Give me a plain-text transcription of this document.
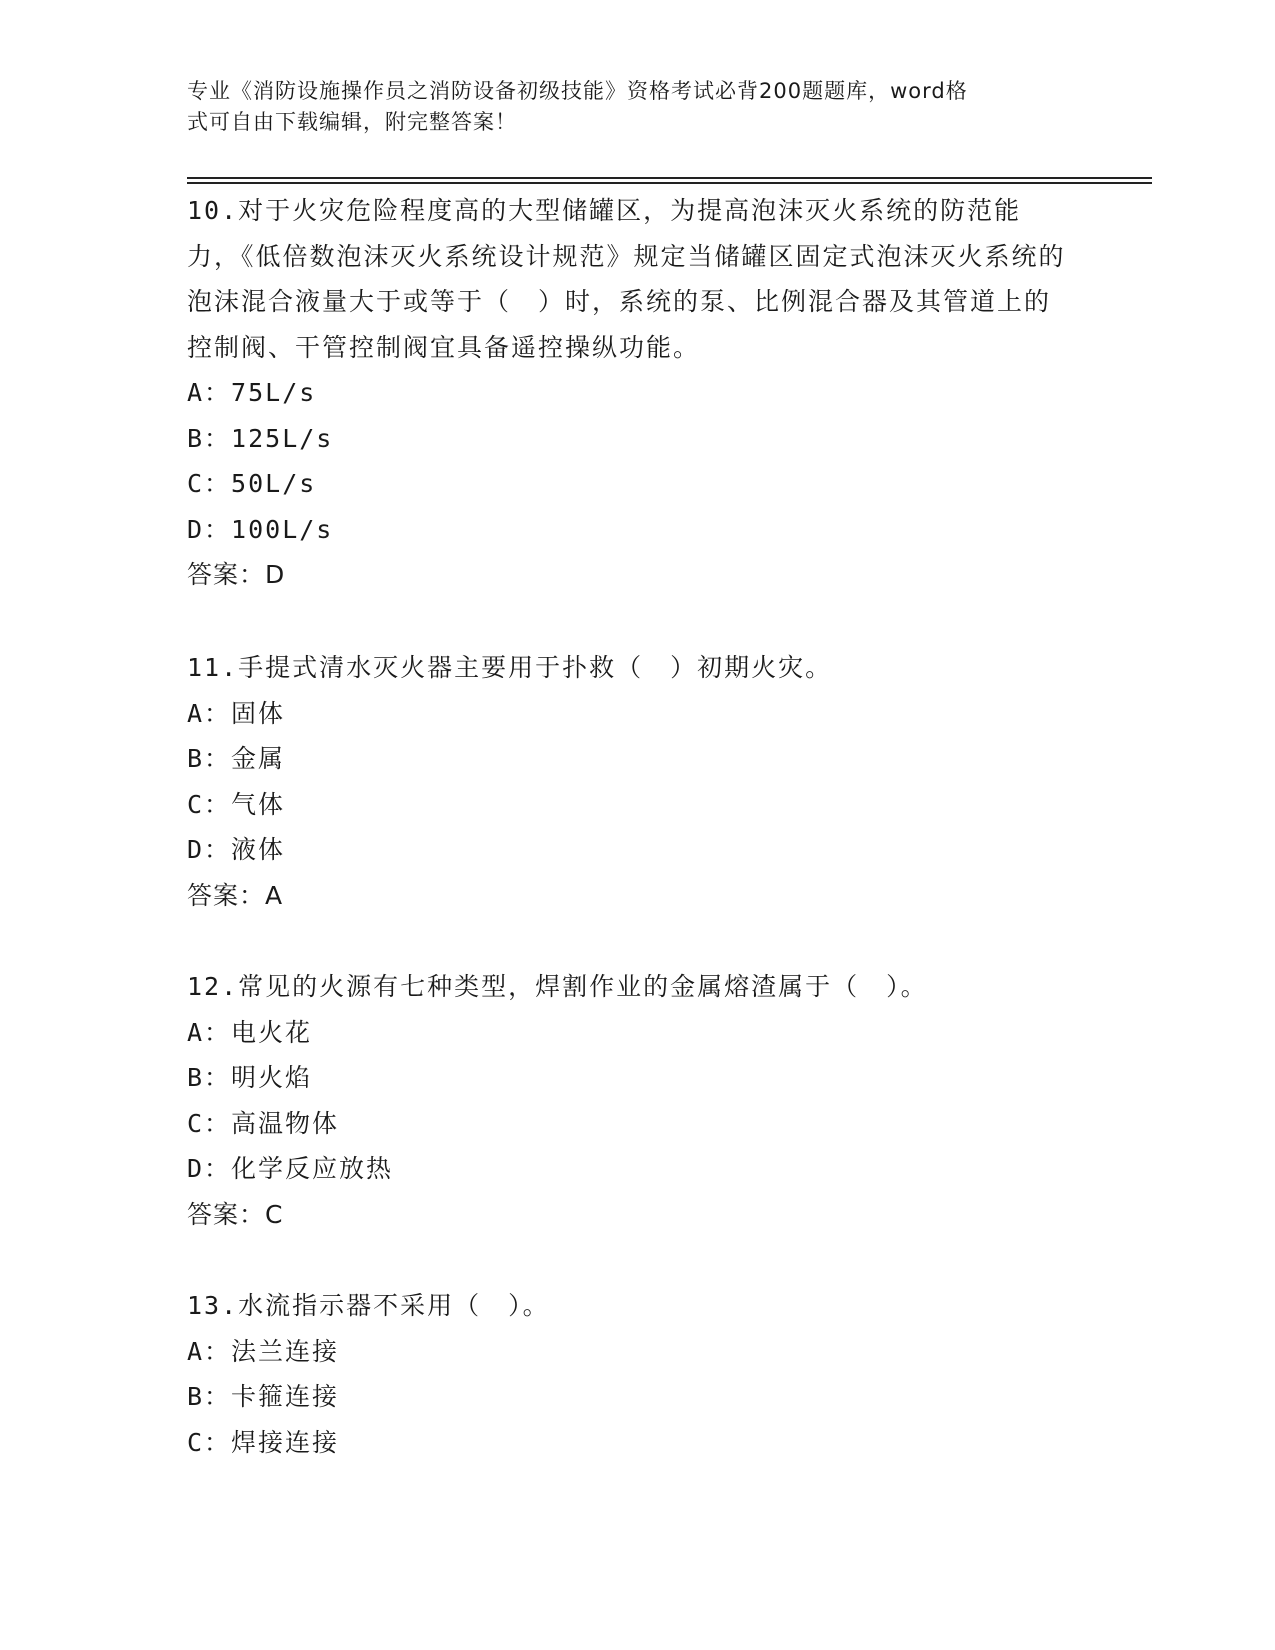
专业《消防设施操作员之消防设备初级技能》资格考试必背200题题库，word格
式可自由下载编辑，附完整答案！

10.对于火灾危险程度高的大型储罐区，为提高泡沫灭火系统的防范能力，《低倍数泡沫灭火系统设计规范》规定当储罐区固定式泡沫灭火系统的泡沫混合液量大于或等于（　）时，系统的泵、比例混合器及其管道上的控制阀、干管控制阀宜具备遥控操纵功能。

A：75L/s
B：125L/s
C：50L/s
D：100L/s
答案：D

11.手提式清水灭火器主要用于扑救（　）初期火灾。

A：固体
B：金属
C：气体
D：液体
答案：A

12.常见的火源有七种类型，焊割作业的金属熔渣属于（　）。

A：电火花
B：明火焰
C：高温物体
D：化学反应放热
答案：C

13.水流指示器不采用（　）。

A：法兰连接
B：卡箍连接
C：焊接连接
